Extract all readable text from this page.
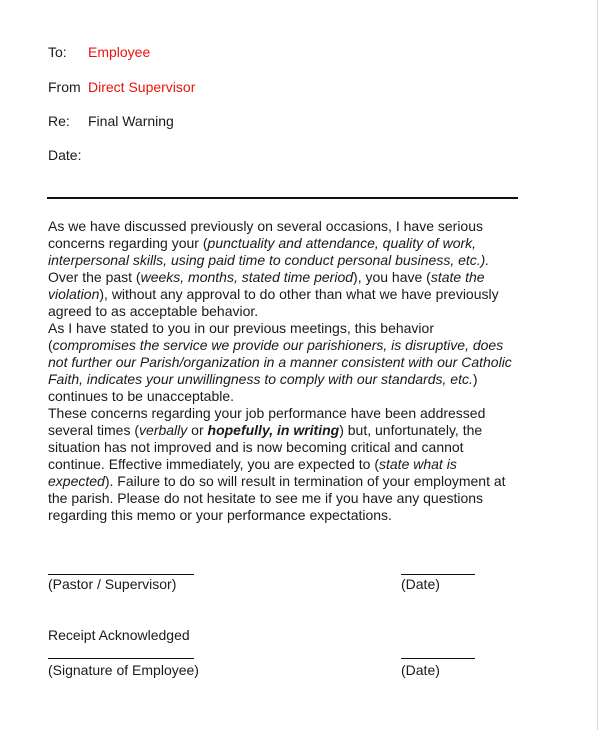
To: Employee
From Direct Supervisor
Re: Final Warning
Date:

As we have discussed previously on several occasions, I have serious concerns regarding your (punctuality and attendance, quality of work, interpersonal skills, using paid time to conduct personal business, etc.). Over the past (weeks, months, stated time period), you have (state the violation), without any approval to do other than what we have previously agreed to as acceptable behavior.

As I have stated to you in our previous meetings, this behavior (compromises the service we provide our parishioners, is disruptive, does not further our Parish/organization in a manner consistent with our Catholic Faith, indicates your unwillingness to comply with our standards, etc.) continues to be unacceptable.

These concerns regarding your job performance have been addressed several times (verbally or hopefully, in writing) but, unfortunately, the situation has not improved and is now becoming critical and cannot continue. Effective immediately, you are expected to (state what is expected). Failure to do so will result in termination of your employment at the parish. Please do not hesitate to see me if you have any questions regarding this memo or your performance expectations.

(Pastor / Supervisor)	(Date)
Receipt Acknowledged
(Signature of Employee)	(Date)
